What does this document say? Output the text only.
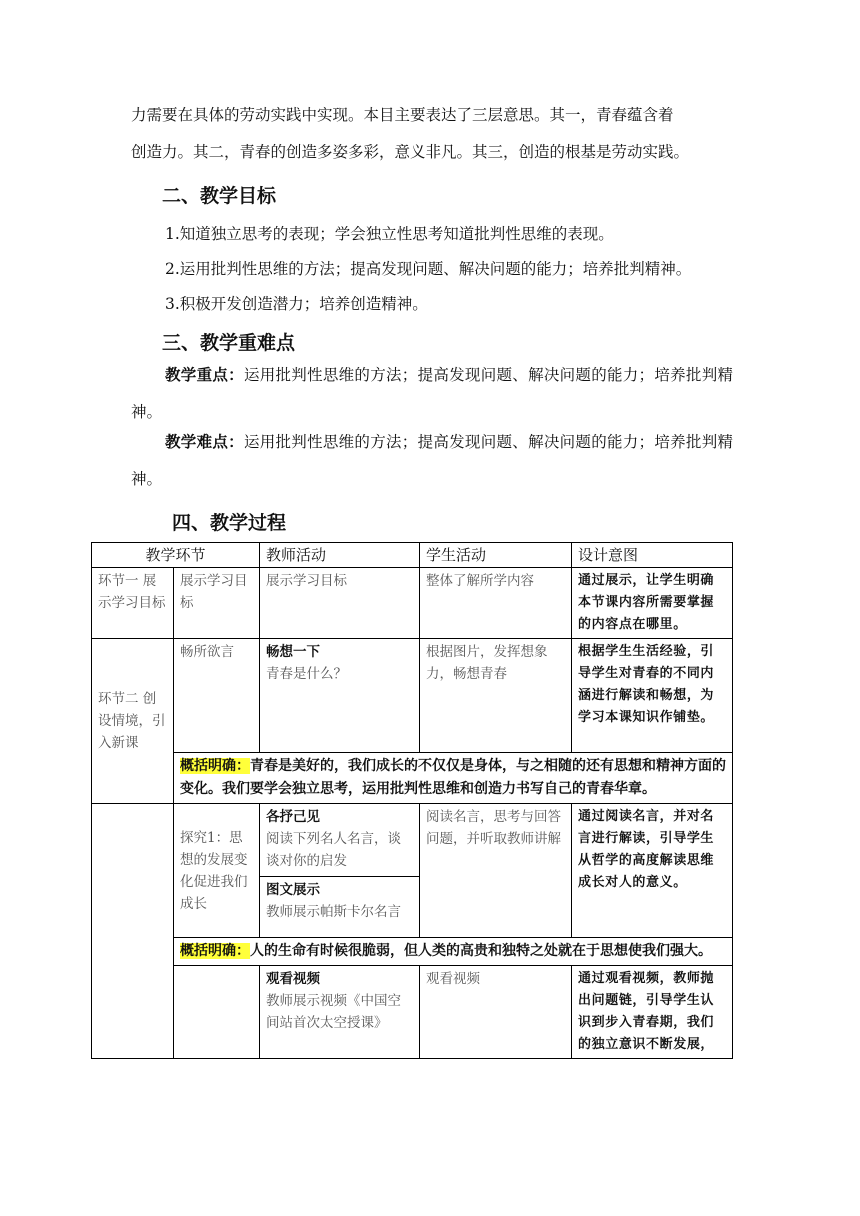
力需要在具体的劳动实践中实现。本目主要表达了三层意思。其一，青春蕴含着
创造力。其二，青春的创造多姿多彩，意义非凡。其三，创造的根基是劳动实践。

二、教学目标

1.知道独立思考的表现；学会独立性思考知道批判性思维的表现。

2.运用批判性思维的方法；提高发现问题、解决问题的能力；培养批判精神。

3.积极开发创造潜力；培养创造精神。

三、教学重难点

教学重点：运用批判性思维的方法；提高发现问题、解决问题的能力；培养批判精神。

教学难点：运用批判性思维的方法；提高发现问题、解决问题的能力；培养批判精神。

四、教学过程
教学环节		教师活动	学生活动	设计意图
环节一 展示学习目标	展示学习目标	展示学习目标	整体了解所学内容	通过展示，让学生明确本节课内容所需要掌握的内容点在哪里。
环节二 创设情境，引入新课	畅所欲言	畅想一下
青春是什么？	根据图片，发挥想象力，畅想青春	根据学生生活经验，引导学生对青春的不同内涵进行解读和畅想，为学习本课知识作铺垫。
	概括明确：青春是美好的，我们成长的不仅仅是身体，与之相随的还有思想和精神方面的变化。我们要学会独立思考，运用批判性思维和创造力书写自己的青春华章。			
	探究1：思想的发展变化促进我们成长	各抒己见
阅读下列名人名言，谈谈对你的启发
图文展示
教师展示帕斯卡尔名言	阅读名言，思考与回答问题，并听取教师讲解	通过阅读名言，并对名言进行解读，引导学生从哲学的高度解读思维成长对人的意义。
	概括明确：人的生命有时候很脆弱，但人类的高贵和独特之处就在于思想使我们强大。			

		观看视频
教师展示视频《中国空间站首次太空授课》	观看视频	通过观看视频，教师抛出问题链，引导学生认识到步入青春期，我们的独立意识不断发展，
